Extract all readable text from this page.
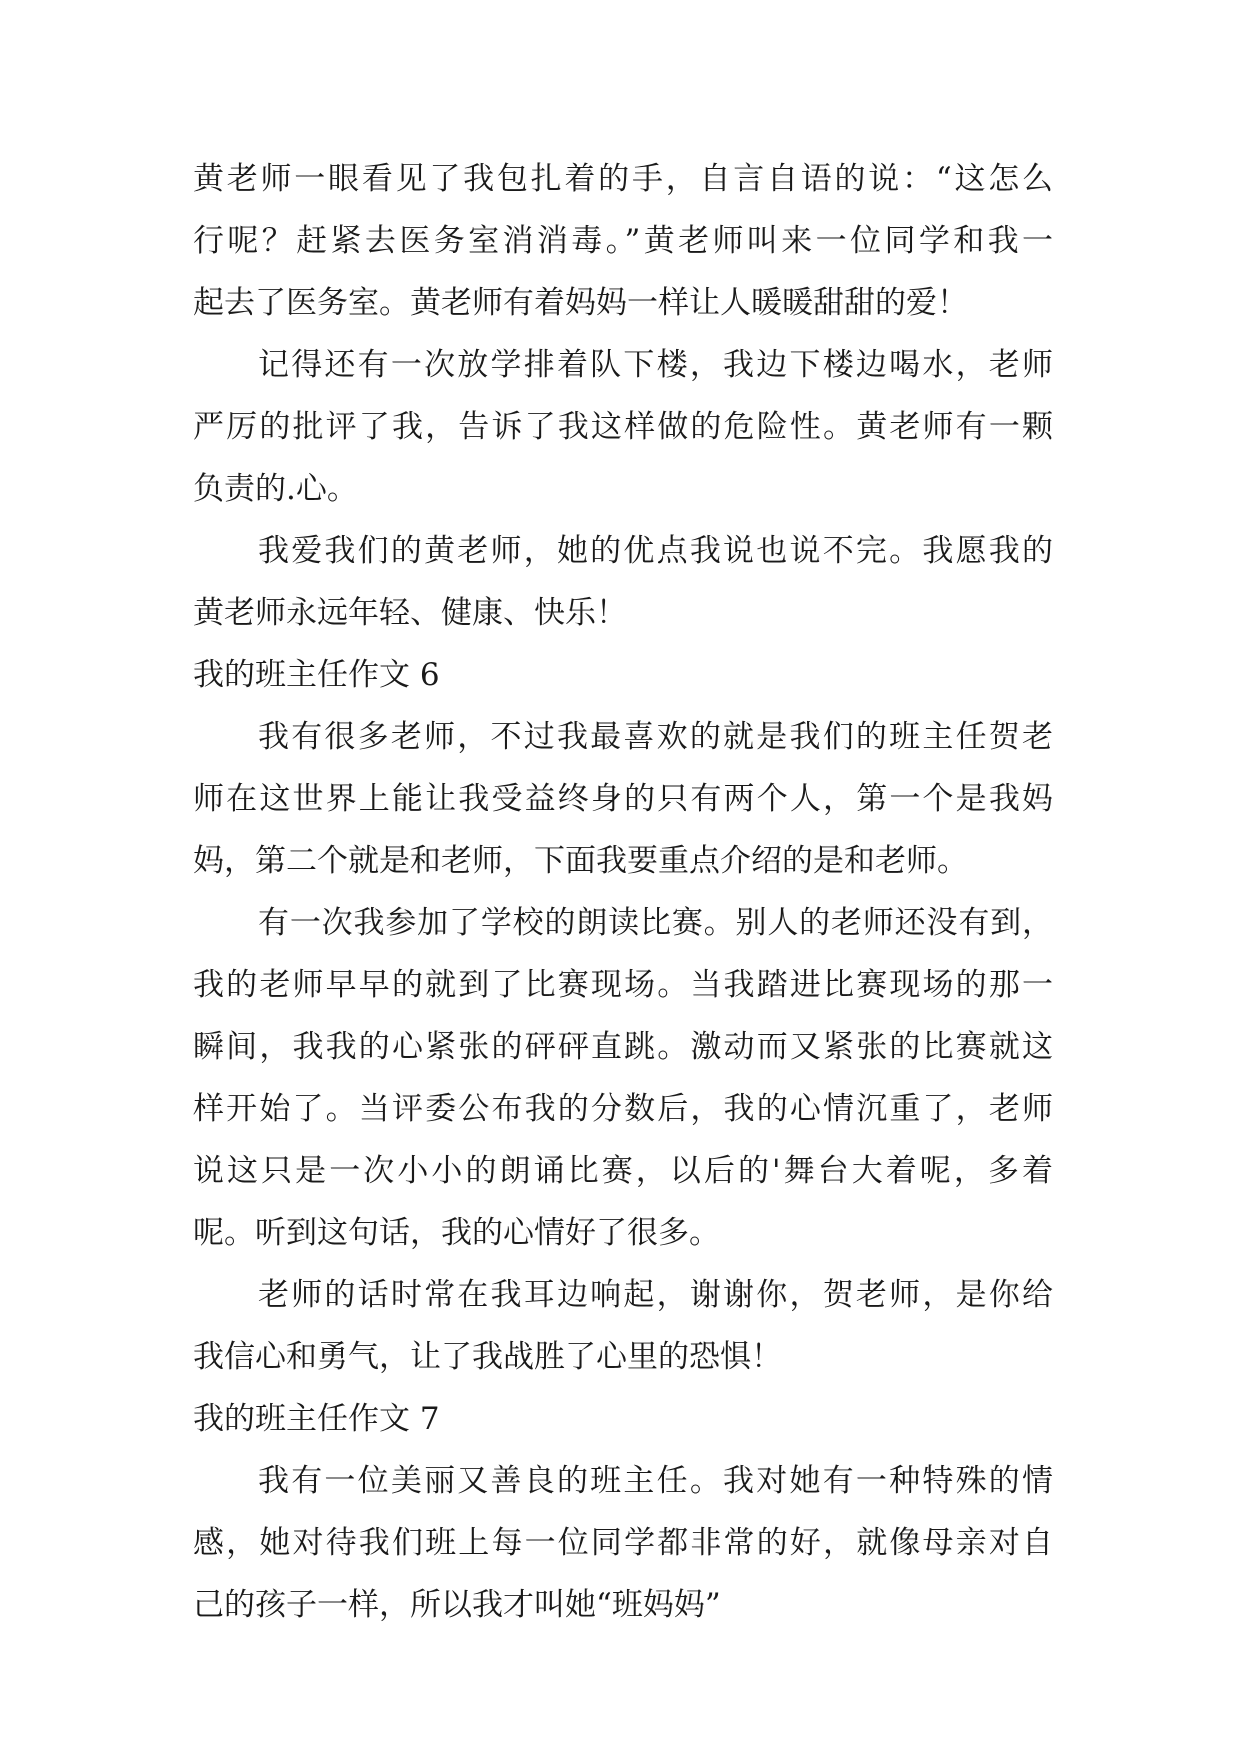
黄老师一眼看见了我包扎着的手，自言自语的说：“这怎么
行呢？赶紧去医务室消消毒。”黄老师叫来一位同学和我一
起去了医务室。黄老师有着妈妈一样让人暖暖甜甜的爱！
记得还有一次放学排着队下楼，我边下楼边喝水，老师
严厉的批评了我，告诉了我这样做的危险性。黄老师有一颗
负责的.心。
我爱我们的黄老师，她的优点我说也说不完。我愿我的
黄老师永远年轻、健康、快乐！
我的班主任作文 6
我有很多老师，不过我最喜欢的就是我们的班主任贺老
师在这世界上能让我受益终身的只有两个人，第一个是我妈
妈，第二个就是和老师，下面我要重点介绍的是和老师。
有一次我参加了学校的朗读比赛。别人的老师还没有到，
我的老师早早的就到了比赛现场。当我踏进比赛现场的那一
瞬间，我我的心紧张的砰砰直跳。激动而又紧张的比赛就这
样开始了。当评委公布我的分数后，我的心情沉重了，老师
说这只是一次小小的朗诵比赛，以后的'舞台大着呢，多着
呢。听到这句话，我的心情好了很多。
老师的话时常在我耳边响起，谢谢你，贺老师，是你给
我信心和勇气，让了我战胜了心里的恐惧！
我的班主任作文 7
我有一位美丽又善良的班主任。我对她有一种特殊的情
感，她对待我们班上每一位同学都非常的好，就像母亲对自
己的孩子一样，所以我才叫她“班妈妈”
